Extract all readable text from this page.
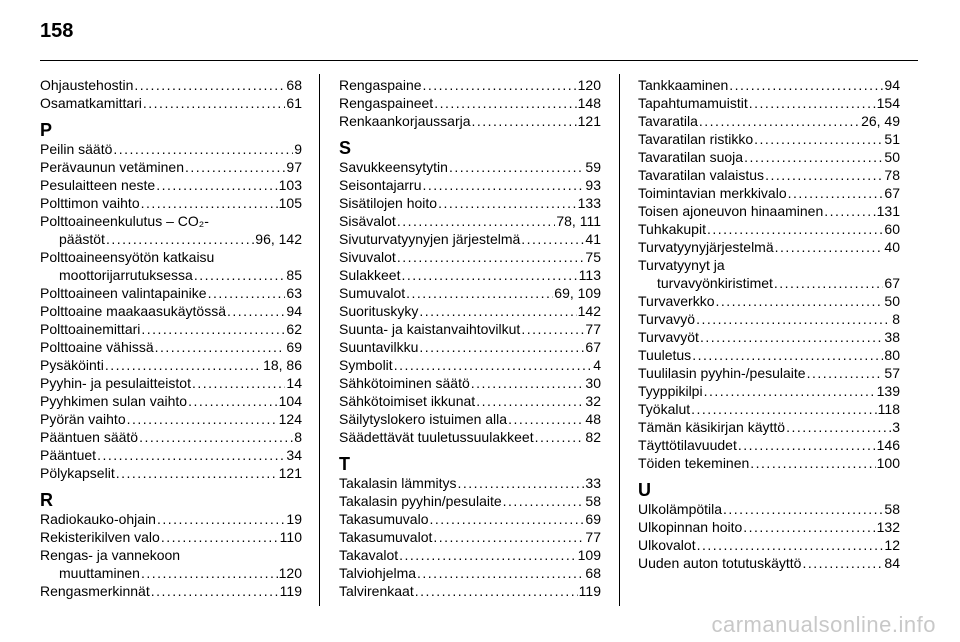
158
Ohjaustehostin . . .	68
Osamatkamittari . . .	61
P
Peilin säätö . . .	9
Perävaunun vetäminen . . .	97
Pesulaitteen neste . . .	103
Polttimon vaihto . . .	105
Polttoaineenkulutus – CO₂-
päästöt . . .	96, 142
Polttoaineensyötön katkaisu
moottorijarrutuksessa . . .	85
Polttoaineen valintapainike . . .	63
Polttoaine maakaasukäytössä . . .	94
Polttoainemittari . . .	62
Polttoaine vähissä . . .	69
Pysäköinti . . .	18, 86
Pyyhin- ja pesulaitteistot . . .	14
Pyyhkimen sulan vaihto . . .	104
Pyörän vaihto . . .	124
Pääntuen säätö . . .	8
Pääntuet . . .	34
Pölykapselit . . .	121
R
Radiokauko-ohjain . . .	19
Rekisterikilven valo . . .	110
Rengas- ja vannekoon
muuttaminen . . .	120
Rengasmerkinnät . . .	119
Rengaspaine . . .	120
Rengaspaineet . . .	148
Renkaankorjaussarja . . .	121
S
Savukkeensytytin . . .	59
Seisontajarru . . .	93
Sisätilojen hoito . . .	133
Sisävalot . . .	78, 111
Sivuturvatyynyjen järjestelmä . . .	41
Sivuvalot . . .	75
Sulakkeet . . .	113
Sumuvalot . . .	69, 109
Suorituskyky . . .	142
Suunta- ja kaistanvaihtovilkut . . .	77
Suuntavilkku . . .	67
Symbolit . . .	4
Sähkötoiminen säätö . . .	30
Sähkötoimiset ikkunat . . .	32
Säilytyslokero istuimen alla . . .	48
Säädettävät tuuletussuulakkeet . . .	82
T
Takalasin lämmitys . . .	33
Takalasin pyyhin/pesulaite . . .	58
Takasumuvalo . . .	69
Takasumuvalot . . .	77
Takavalot . . .	109
Talviohjelma . . .	68
Talvirenkaat . . .	119
Tankkaaminen . . .	94
Tapahtumamuistit . . .	154
Tavaratila . . .	26, 49
Tavaratilan ristikko . . .	51
Tavaratilan suoja . . .	50
Tavaratilan valaistus . . .	78
Toimintavian merkkivalo . . .	67
Toisen ajoneuvon hinaaminen . . .	131
Tuhkakupit . . .	60
Turvatyynyjärjestelmä . . .	40
Turvatyynyt ja
turvavyönkiristimet . . .	67
Turvaverkko . . .	50
Turvavyö . . .	8
Turvavyöt . . .	38
Tuuletus . . .	80
Tuulilasin pyyhin-/pesulaite . . .	57
Tyyppikilpi . . .	139
Työkalut . . .	118
Tämän käsikirjan käyttö . . .	3
Täyttötilavuudet . . .	146
Töiden tekeminen . . .	100
U
Ulkolämpötila . . .	58
Ulkopinnan hoito . . .	132
Ulkovalot . . .	12
Uuden auton totutuskäyttö . . .	84
carmanualsonline.info
